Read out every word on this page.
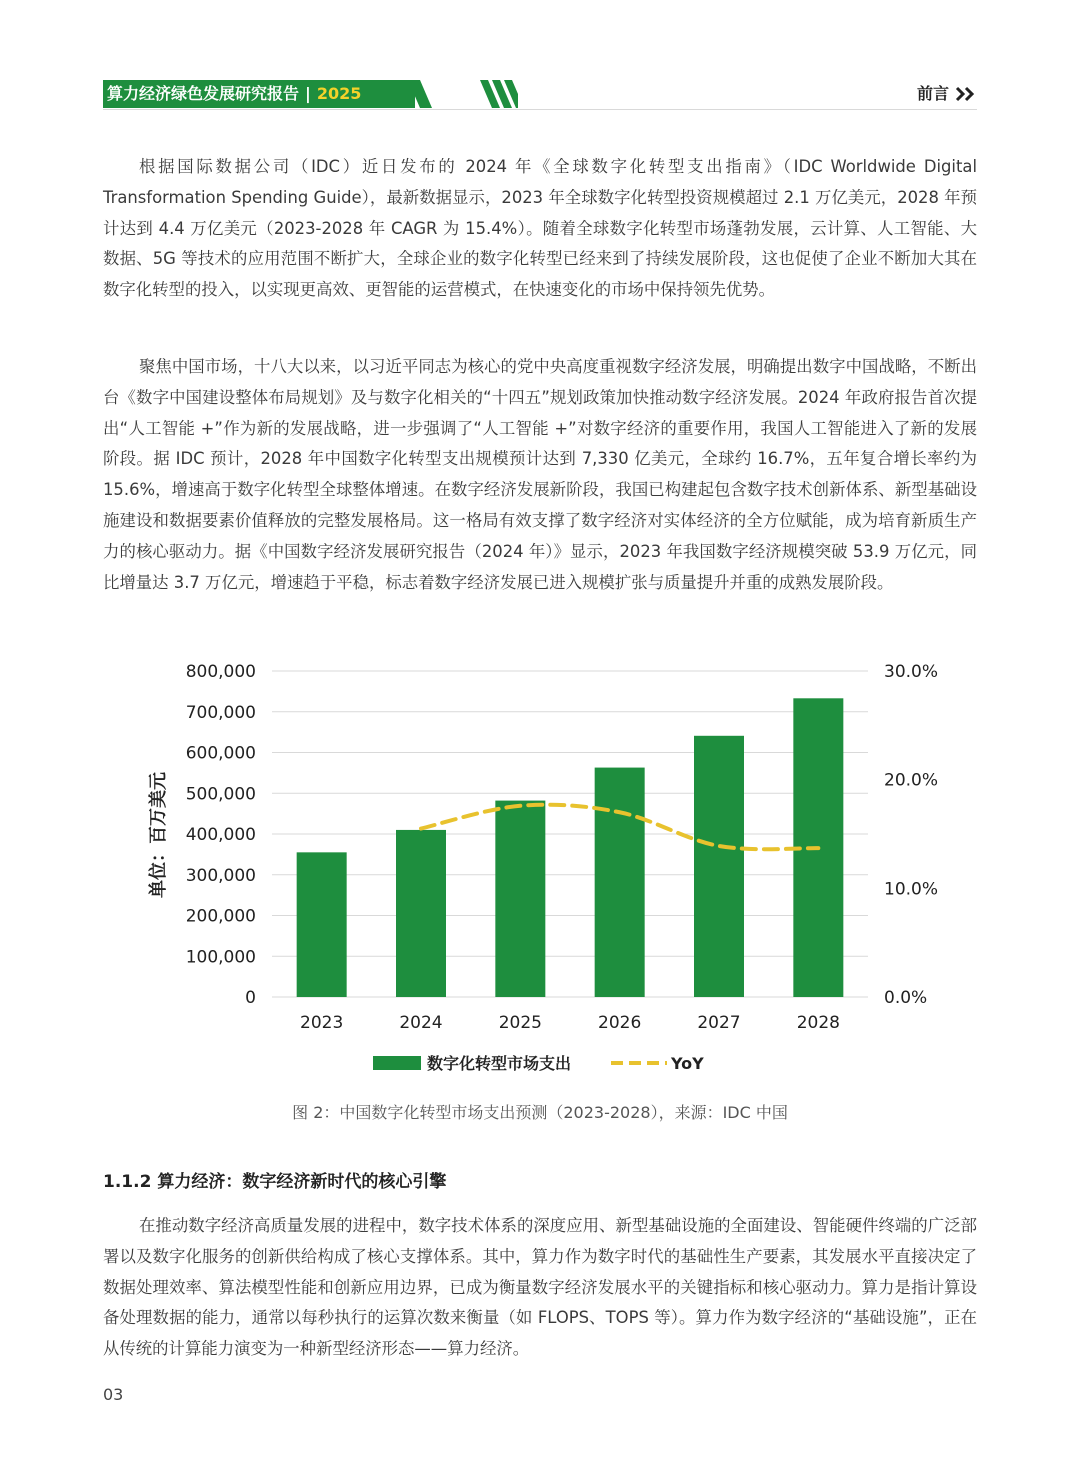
算力经济绿色发展研究报告 | 2025	前言

根据国际数据公司（IDC）近日发布的 2024 年《全球数字化转型支出指南》（IDC Worldwide Digital Transformation Spending Guide），最新数据显示，2023 年全球数字化转型投资规模超过 2.1 万亿美元，2028 年预计达到 4.4 万亿美元（2023-2028 年 CAGR 为 15.4%）。随着全球数字化转型市场蓬勃发展，云计算、人工智能、大数据、5G 等技术的应用范围不断扩大，全球企业的数字化转型已经来到了持续发展阶段，这也促使了企业不断加大其在数字化转型的投入，以实现更高效、更智能的运营模式，在快速变化的市场中保持领先优势。

聚焦中国市场，十八大以来，以习近平同志为核心的党中央高度重视数字经济发展，明确提出数字中国战略，不断出台《数字中国建设整体布局规划》及与数字化相关的“十四五”规划政策加快推动数字经济发展。2024 年政府报告首次提出“人工智能 +”作为新的发展战略，进一步强调了“人工智能 +”对数字经济的重要作用，我国人工智能进入了新的发展阶段。据 IDC 预计，2028 年中国数字化转型支出规模预计达到 7,330 亿美元，全球约 16.7%，五年复合增长率约为 15.6%，增速高于数字化转型全球整体增速。在数字经济发展新阶段，我国已构建起包含数字技术创新体系、新型基础设施建设和数据要素价值释放的完整发展格局。这一格局有效支撑了数字经济对实体经济的全方位赋能，成为培育新质生产力的核心驱动力。据《中国数字经济发展研究报告（2024 年）》显示，2023 年我国数字经济规模突破 53.9 万亿元，同比增量达 3.7 万亿元，增速趋于平稳，标志着数字经济发展已进入规模扩张与质量提升并重的成熟发展阶段。

0
100,000
200,000
300,000
400,000
500,000
600,000
700,000
800,000
0.0%
10.0%
20.0%
30.0%
2023	2024	2025	2026	2027	2028
单位：百万美元
数字化转型市场支出	YoY
图 2：中国数字化转型市场支出预测（2023-2028），来源：IDC 中国
1.1.2 算力经济：数字经济新时代的核心引擎

在推动数字经济高质量发展的进程中，数字技术体系的深度应用、新型基础设施的全面建设、智能硬件终端的广泛部署以及数字化服务的创新供给构成了核心支撑体系。其中，算力作为数字时代的基础性生产要素，其发展水平直接决定了数据处理效率、算法模型性能和创新应用边界，已成为衡量数字经济发展水平的关键指标和核心驱动力。算力是指计算设备处理数据的能力，通常以每秒执行的运算次数来衡量（如 FLOPS、TOPS 等）。算力作为数字经济的“基础设施”，正在从传统的计算能力演变为一种新型经济形态——算力经济。

03
